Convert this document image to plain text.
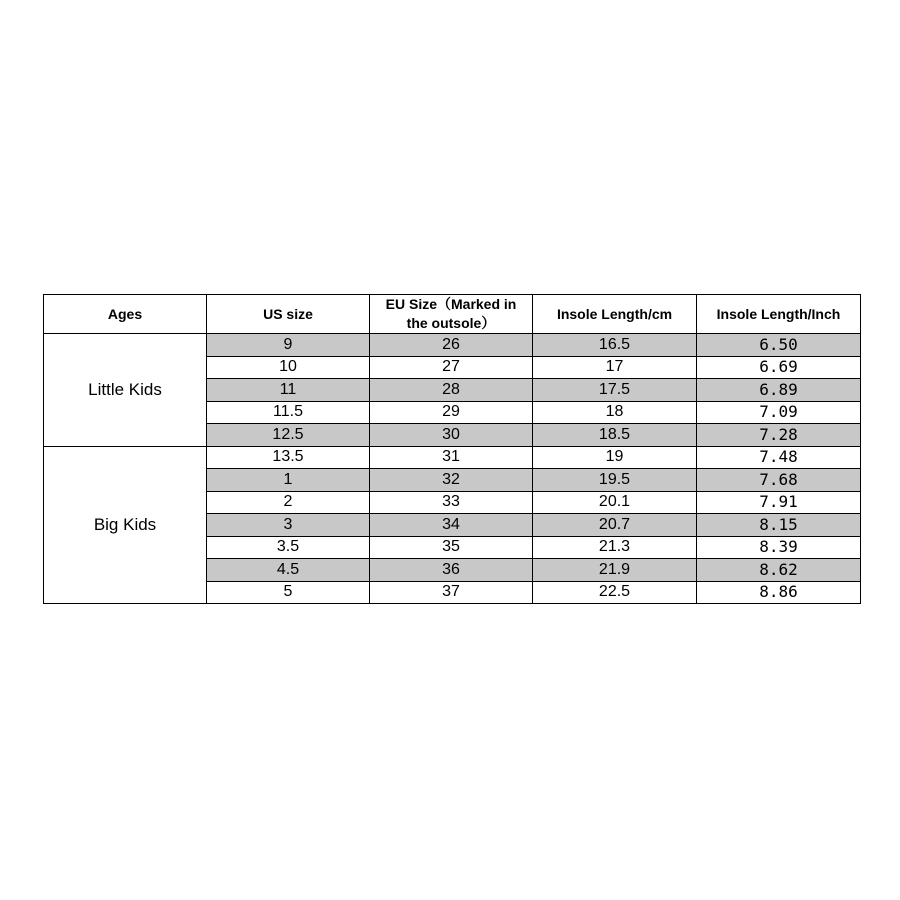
Ages	US size	EU Size（Marked in the outsole）	Insole Length/cm	Insole Length/Inch
Little Kids	9	26	16.5	6.50
	10	27	17	6.69
	11	28	17.5	6.89
	11.5	29	18	7.09
	12.5	30	18.5	7.28
Big Kids	13.5	31	19	7.48
	1	32	19.5	7.68
	2	33	20.1	7.91
	3	34	20.7	8.15
	3.5	35	21.3	8.39
	4.5	36	21.9	8.62
	5	37	22.5	8.86
